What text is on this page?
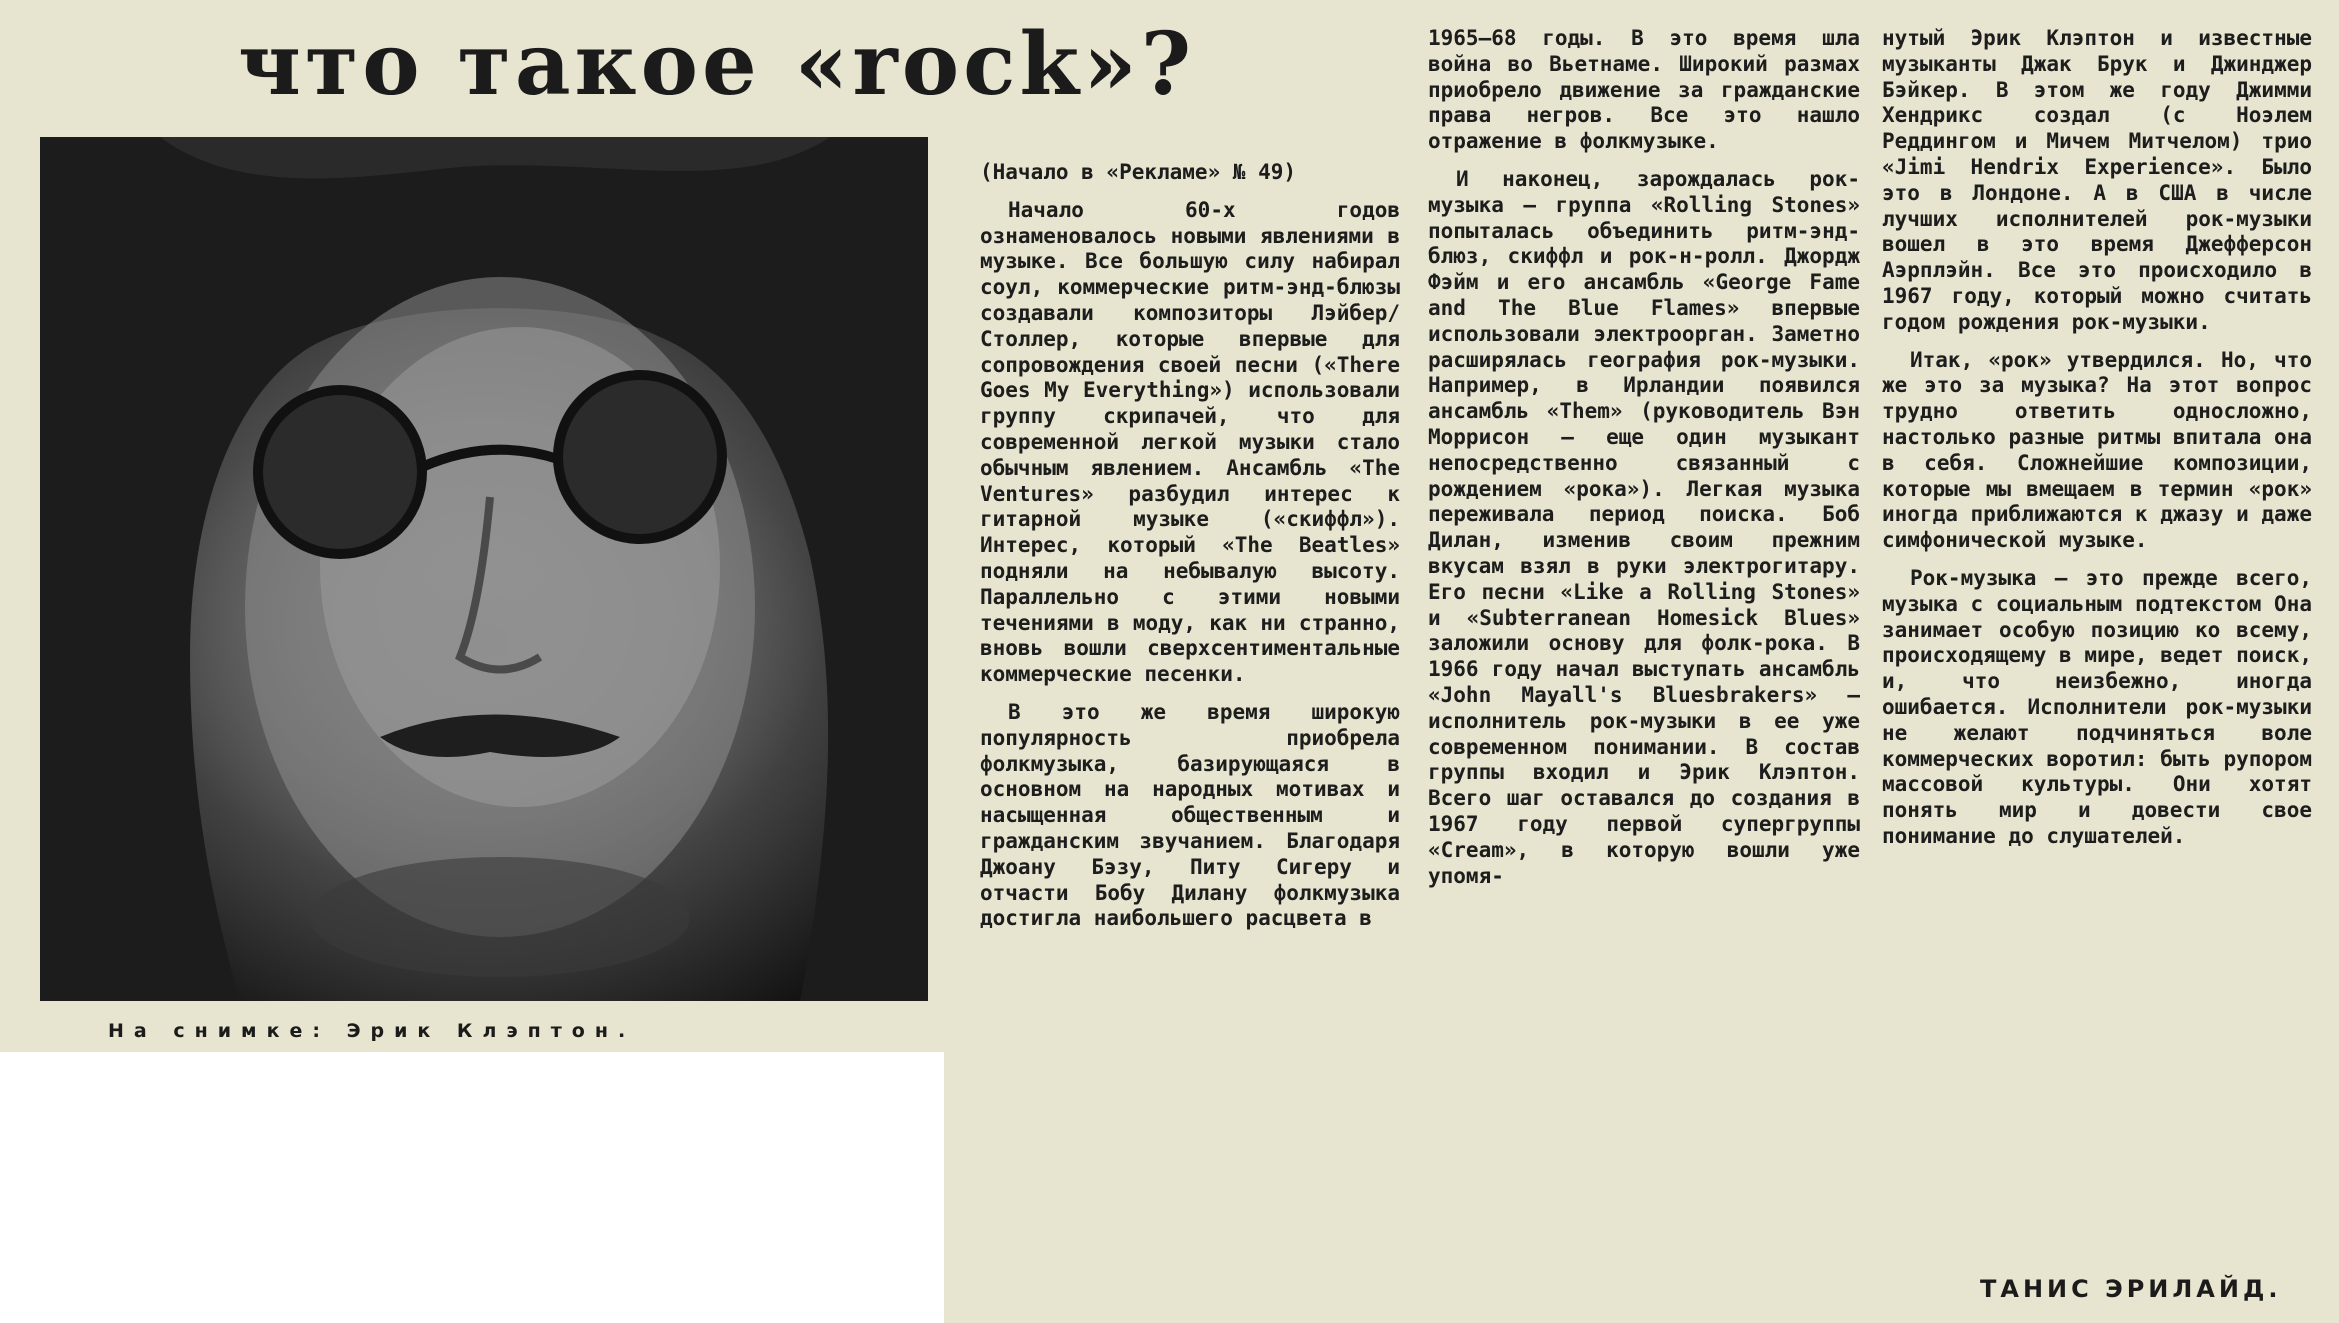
что такое «rock»?

На снимке: Эрик Клэптон.

(Начало в «Рекламе» № 49)

Начало 60-х годов ознаменовалось новыми явлениями в музыке. Все большую силу набирал соул, коммерческие ритм-энд-блюзы создавали композиторы Лэйбер/Столлер, которые впервые для сопровождения своей песни («There Goes My Everything») использовали группу скрипачей, что для современной легкой музыки стало обычным явлением. Ансамбль «The Ventures» разбудил интерес к гитарной музыке («скиффл»). Интерес, который «The Beatles» подняли на небывалую высоту. Параллельно с этими новыми течениями в моду, как ни странно, вновь вошли сверхсентиментальные коммерческие песенки.

В это же время широкую популярность приобрела фолкмузыка, базирующаяся в основном на народных мотивах и насыщенная общественным и гражданским звучанием. Благодаря Джоану Бэзу, Питу Сигеру и отчасти Бобу Дилану фолкмузыка достигла наибольшего расцвета в

1965—68 годы. В это время шла война во Вьетнаме. Широкий размах приобрело движение за гражданские права негров. Все это нашло отражение в фолкмузыке.

И наконец, зарождалась рок-музыка — группа «Rolling Stones» попыталась объединить ритм-энд-блюз, скиффл и рок-н-ролл. Джордж Фэйм и его ансамбль «George Fame and The Blue Flames» впервые использовали электроорган. Заметно расширялась география рок-музыки. Например, в Ирландии появился ансамбль «Them» (руководитель Вэн Моррисон — еще один музыкант непосредственно связанный с рождением «рока»). Легкая музыка переживала период поиска. Боб Дилан, изменив своим прежним вкусам взял в руки электрогитару. Его песни «Like a Rolling Stones» и «Subterranean Homesick Blues» заложили основу для фолк-рока. В 1966 году начал выступать ансамбль «John Mayall's Bluesbrakers» — исполнитель рок-музыки в ее уже современном понимании. В состав группы входил и Эрик Клэптон. Всего шаг оставался до создания в 1967 году первой супергруппы «Cream», в которую вошли уже упомя-

нутый Эрик Клэптон и известные музыканты Джак Брук и Джинджер Бэйкер. В этом же году Джимми Хендрикс создал (с Ноэлем Реддингом и Мичем Митчелом) трио «Jimi Hendrix Experience». Было это в Лондоне. А в США в числе лучших исполнителей рок-музыки вошел в это время Джефферсон Аэрплэйн. Все это происходило в 1967 году, который можно считать годом рождения рок-музыки.

Итак, «рок» утвердился. Но, что же это за музыка? На этот вопрос трудно ответить односложно, настолько разные ритмы впитала она в себя. Сложнейшие композиции, которые мы вмещаем в термин «рок» иногда приближаются к джазу и даже симфонической музыке.

Рок-музыка — это прежде всего, музыка с социальным подтекстом Она занимает особую позицию ко всему, происходящему в мире, ведет поиск, и, что неизбежно, иногда ошибается. Исполнители рок-музыки не желают подчиняться воле коммерческих воротил: быть рупором массовой культуры. Они хотят понять мир и довести свое понимание до слушателей.

ТАНИС ЭРИЛАЙД.
